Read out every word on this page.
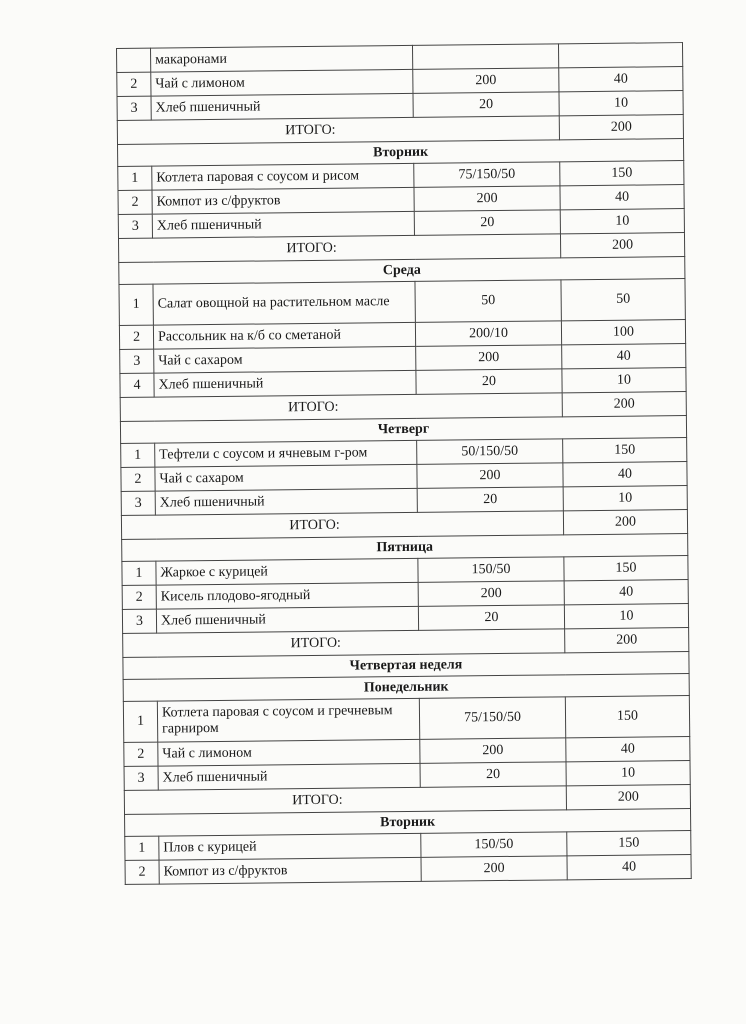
	макаронами		
2	Чай с лимоном	200	40
3	Хлеб пшеничный	20	10
ИТОГО:			200
Вторник			
1	Котлета паровая с соусом и рисом	75/150/50	150
2	Компот из с/фруктов	200	40
3	Хлеб пшеничный	20	10
ИТОГО:			200
Среда			
1	Салат овощной на растительном масле	50	50
2	Рассольник на к/б со сметаной	200/10	100
3	Чай с сахаром	200	40
4	Хлеб пшеничный	20	10
ИТОГО:			200
Четверг			
1	Тефтели с соусом и ячневым г-ром	50/150/50	150
2	Чай с сахаром	200	40
3	Хлеб пшеничный	20	10
ИТОГО:			200
Пятница			
1	Жаркое с курицей	150/50	150
2	Кисель плодово-ягодный	200	40
3	Хлеб пшеничный	20	10
ИТОГО:			200
Четвертая неделя			
Понедельник			
1	Котлета паровая с соусом и гречневым гарниром	75/150/50	150
2	Чай с лимоном	200	40
3	Хлеб пшеничный	20	10
ИТОГО:			200
Вторник			
1	Плов с курицей	150/50	150
2	Компот из с/фруктов	200	40
